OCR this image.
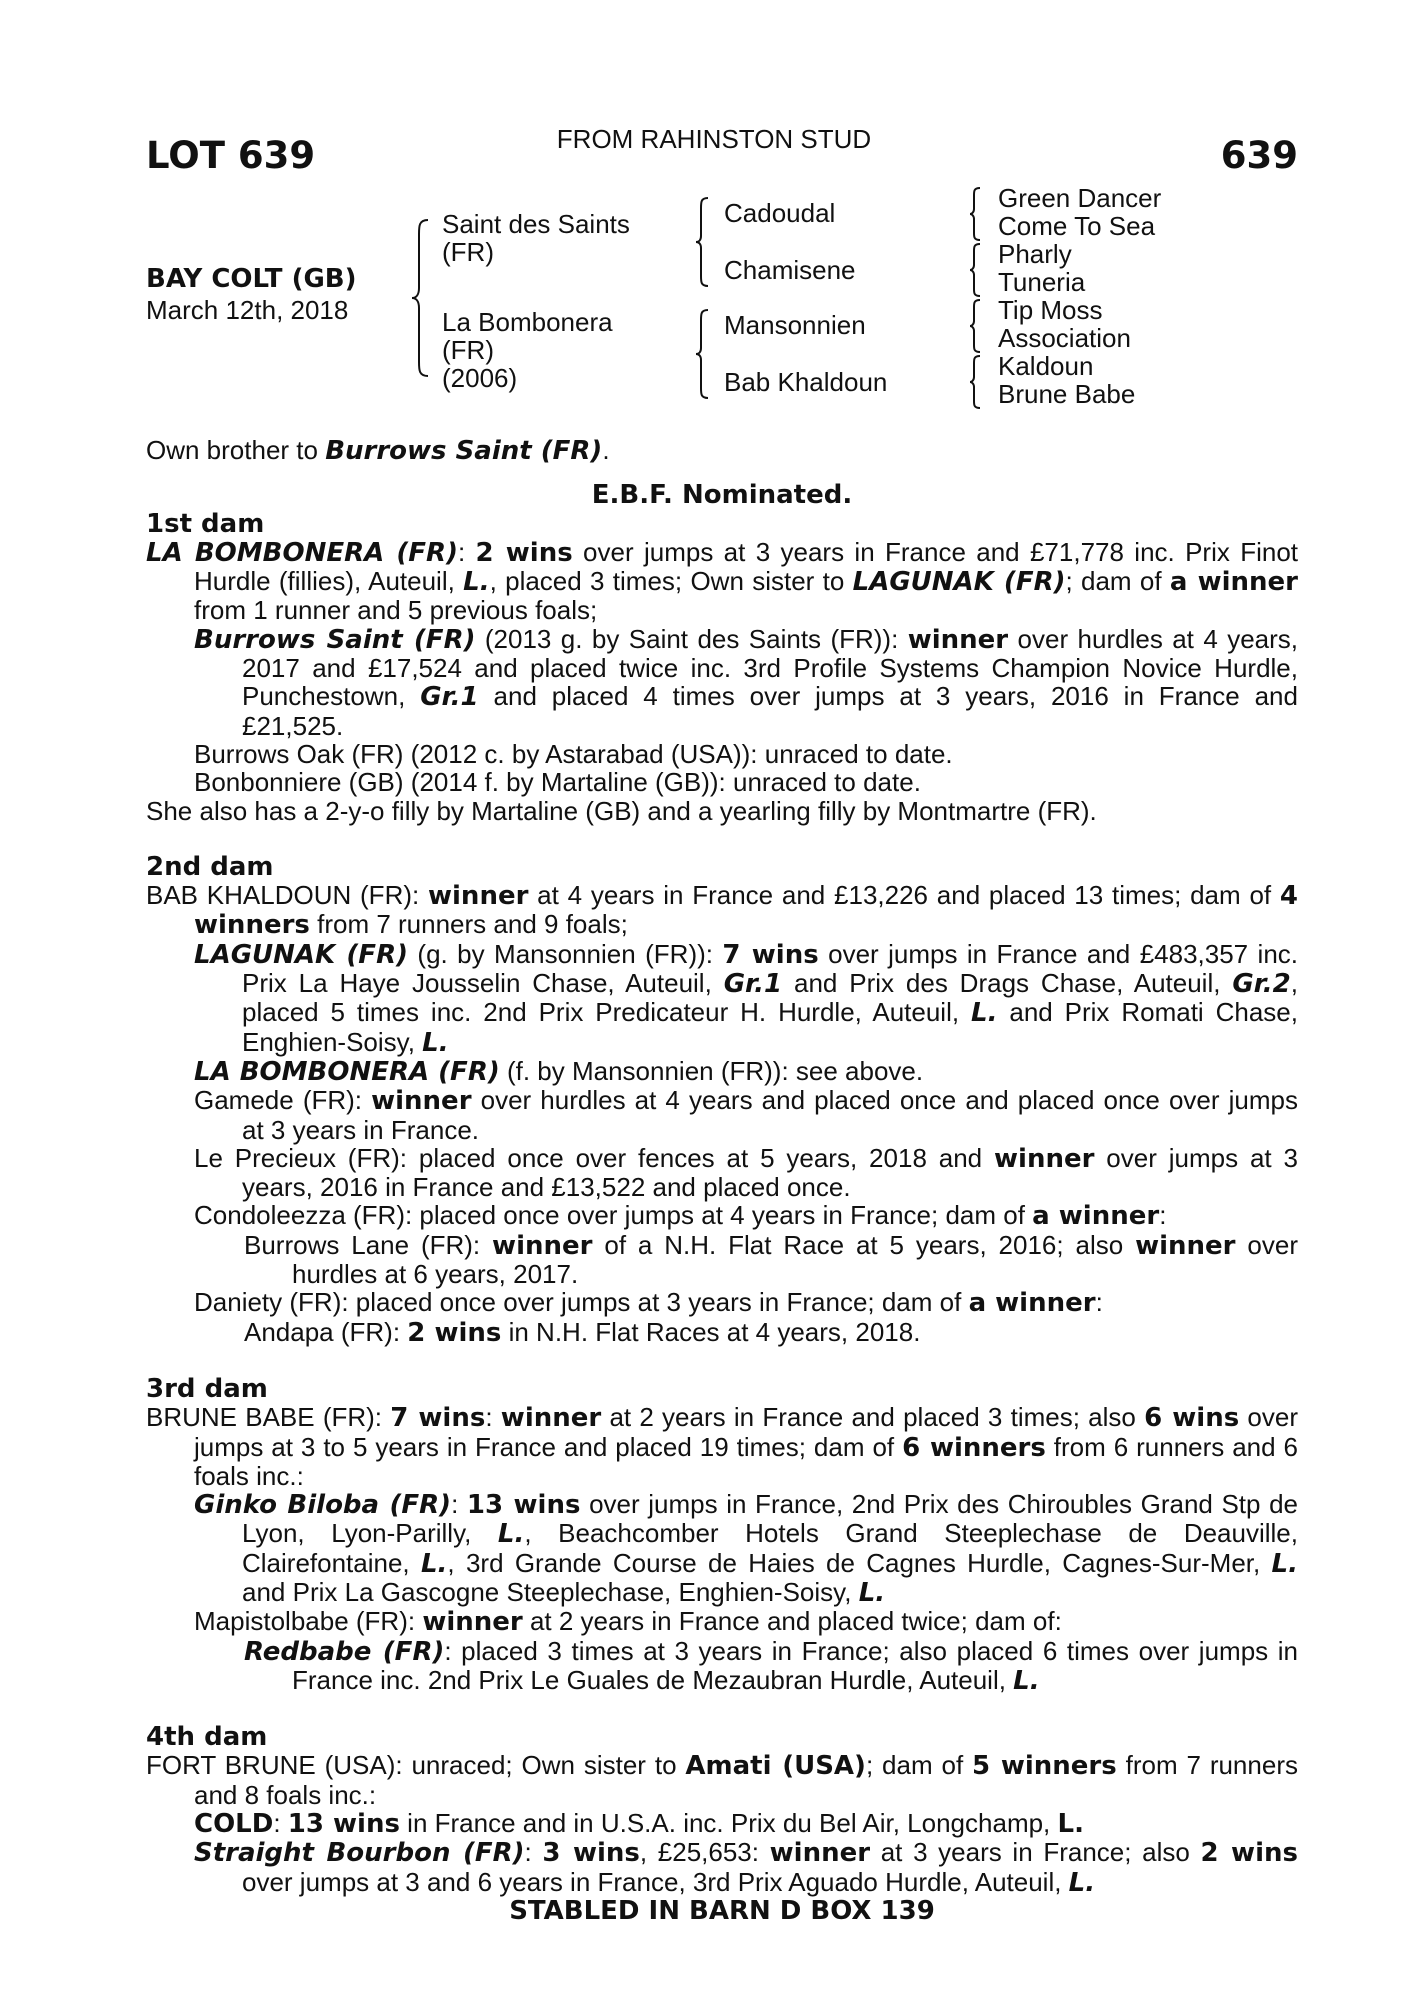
LOT 639	FROM RAHINSTON STUD	639
BAY COLT (GB)
March 12th, 2018
Saint des Saints
(FR)
La Bombonera
(FR)
(2006)
Cadoudal
Chamisene
Mansonnien
Bab Khaldoun
Green Dancer
Come To Sea
Pharly
Tuneria
Tip Moss
Association
Kaldoun
Brune Babe

Own brother to Burrows Saint (FR).

E.B.F. Nominated.

1st dam

LA BOMBONERA (FR): 2 wins over jumps at 3 years in France and £71,778 inc. Prix Finot Hurdle (fillies), Auteuil, L., placed 3 times; Own sister to LAGUNAK (FR); dam of a winner from 1 runner and 5 previous foals;

Burrows Saint (FR) (2013 g. by Saint des Saints (FR)): winner over hurdles at 4 years, 2017 and £17,524 and placed twice inc. 3rd Profile Systems Champion Novice Hurdle, Punchestown, Gr.1 and placed 4 times over jumps at 3 years, 2016 in France and £21,525.

Burrows Oak (FR) (2012 c. by Astarabad (USA)): unraced to date.

Bonbonniere (GB) (2014 f. by Martaline (GB)): unraced to date.

She also has a 2-y-o filly by Martaline (GB) and a yearling filly by Montmartre (FR).

2nd dam

BAB KHALDOUN (FR): winner at 4 years in France and £13,226 and placed 13 times; dam of 4 winners from 7 runners and 9 foals;

LAGUNAK (FR) (g. by Mansonnien (FR)): 7 wins over jumps in France and £483,357 inc. Prix La Haye Jousselin Chase, Auteuil, Gr.1 and Prix des Drags Chase, Auteuil, Gr.2, placed 5 times inc. 2nd Prix Predicateur H. Hurdle, Auteuil, L. and Prix Romati Chase, Enghien-Soisy, L.

LA BOMBONERA (FR) (f. by Mansonnien (FR)): see above.

Gamede (FR): winner over hurdles at 4 years and placed once and placed once over jumps at 3 years in France.

Le Precieux (FR): placed once over fences at 5 years, 2018 and winner over jumps at 3 years, 2016 in France and £13,522 and placed once.

Condoleezza (FR): placed once over jumps at 4 years in France; dam of a winner:

Burrows Lane (FR): winner of a N.H. Flat Race at 5 years, 2016; also winner over hurdles at 6 years, 2017.

Daniety (FR): placed once over jumps at 3 years in France; dam of a winner:

Andapa (FR): 2 wins in N.H. Flat Races at 4 years, 2018.

3rd dam

BRUNE BABE (FR): 7 wins: winner at 2 years in France and placed 3 times; also 6 wins over jumps at 3 to 5 years in France and placed 19 times; dam of 6 winners from 6 runners and 6 foals inc.:

Ginko Biloba (FR): 13 wins over jumps in France, 2nd Prix des Chiroubles Grand Stp de Lyon, Lyon-Parilly, L., Beachcomber Hotels Grand Steeplechase de Deauville, Clairefontaine, L., 3rd Grande Course de Haies de Cagnes Hurdle, Cagnes-Sur-Mer, L. and Prix La Gascogne Steeplechase, Enghien-Soisy, L.

Mapistolbabe (FR): winner at 2 years in France and placed twice; dam of:

Redbabe (FR): placed 3 times at 3 years in France; also placed 6 times over jumps in France inc. 2nd Prix Le Guales de Mezaubran Hurdle, Auteuil, L.

4th dam

FORT BRUNE (USA): unraced; Own sister to Amati (USA); dam of 5 winners from 7 runners and 8 foals inc.:

COLD: 13 wins in France and in U.S.A. inc. Prix du Bel Air, Longchamp, L.

Straight Bourbon (FR): 3 wins, £25,653: winner at 3 years in France; also 2 wins over jumps at 3 and 6 years in France, 3rd Prix Aguado Hurdle, Auteuil, L.

STABLED IN BARN D BOX 139
